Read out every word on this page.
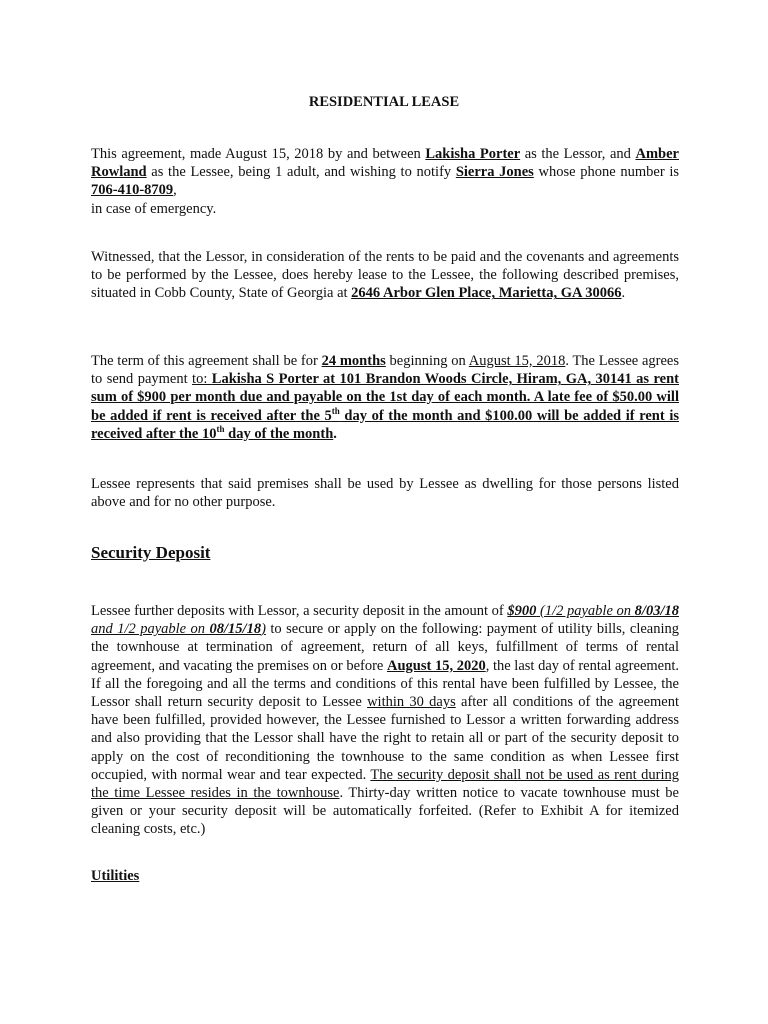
RESIDENTIAL LEASE

This agreement, made August 15, 2018 by and between Lakisha Porter as the Lessor, and Amber Rowland as the Lessee, being 1 adult, and wishing to notify Sierra Jones whose phone number is 706-410-8709,
in case of emergency.

Witnessed, that the Lessor, in consideration of the rents to be paid and the covenants and agreements to be performed by the Lessee, does hereby lease to the Lessee, the following described premises, situated in Cobb County, State of Georgia at 2646 Arbor Glen Place, Marietta, GA 30066.

The term of this agreement shall be for 24 months beginning on August 15, 2018. The Lessee agrees to send payment to: Lakisha S Porter at 101 Brandon Woods Circle, Hiram, GA, 30141 as rent sum of $900 per month due and payable on the 1st day of each month. A late fee of $50.00 will be added if rent is received after the 5th day of the month and $100.00 will be added if rent is received after the 10th day of the month.

Lessee represents that said premises shall be used by Lessee as dwelling for those persons listed above and for no other purpose.

Security Deposit

Lessee further deposits with Lessor, a security deposit in the amount of $900 (1/2 payable on 8/03/18 and 1/2 payable on 08/15/18) to secure or apply on the following: payment of utility bills, cleaning the townhouse at termination of agreement, return of all keys, fulfillment of terms of rental agreement, and vacating the premises on or before August 15, 2020, the last day of rental agreement. If all the foregoing and all the terms and conditions of this rental have been fulfilled by Lessee, the Lessor shall return security deposit to Lessee within 30 days after all conditions of the agreement have been fulfilled, provided however, the Lessee furnished to Lessor a written forwarding address and also providing that the Lessor shall have the right to retain all or part of the security deposit to apply on the cost of reconditioning the townhouse to the same condition as when Lessee first occupied, with normal wear and tear expected. The security deposit shall not be used as rent during the time Lessee resides in the townhouse. Thirty-day written notice to vacate townhouse must be given or your security deposit will be automatically forfeited. (Refer to Exhibit A for itemized cleaning costs, etc.)

Utilities
